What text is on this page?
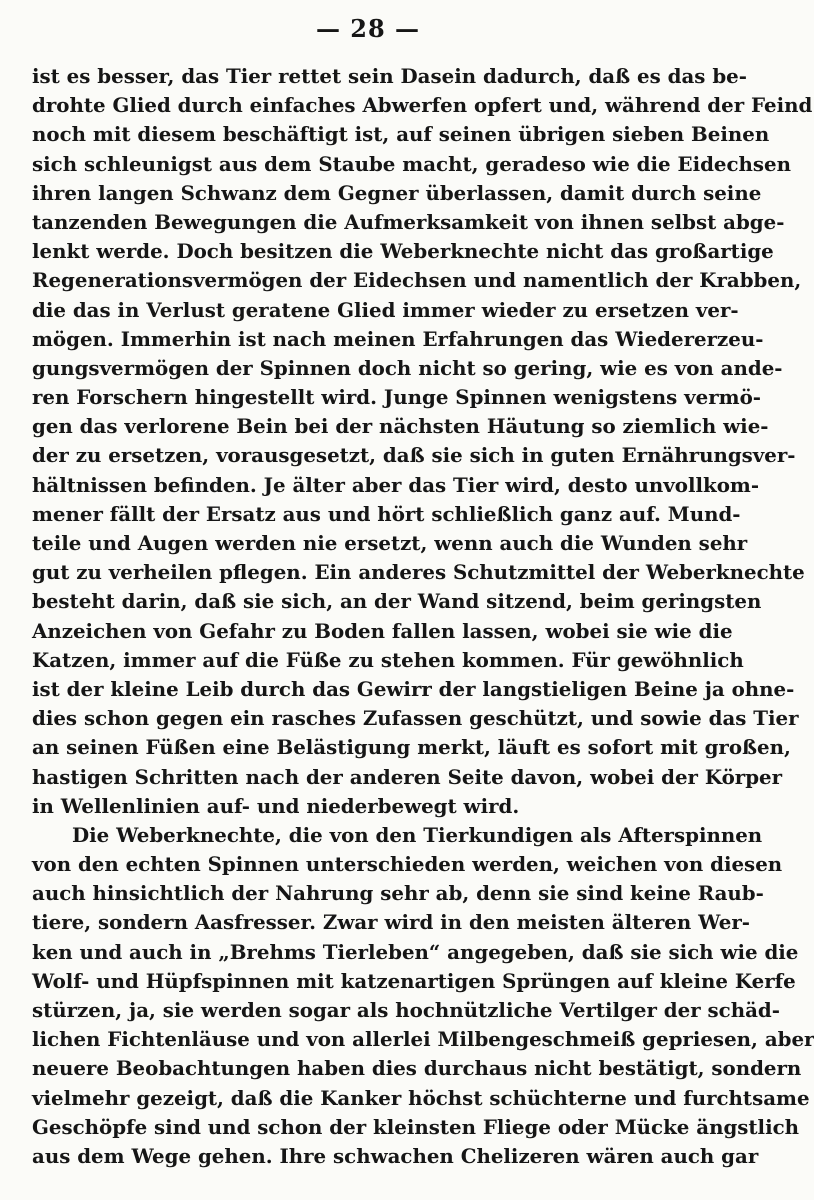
— 28 —
ist es besser, das Tier rettet sein Dasein dadurch, daß es das be-
drohte Glied durch einfaches Abwerfen opfert und, während der Feind
noch mit diesem beschäftigt ist, auf seinen übrigen sieben Beinen
sich schleunigst aus dem Staube macht, geradeso wie die Eidechsen
ihren langen Schwanz dem Gegner überlassen, damit durch seine
tanzenden Bewegungen die Aufmerksamkeit von ihnen selbst abge-
lenkt werde. Doch besitzen die Weberknechte nicht das großartige
Regenerationsvermögen der Eidechsen und namentlich der Krabben,
die das in Verlust geratene Glied immer wieder zu ersetzen ver-
mögen. Immerhin ist nach meinen Erfahrungen das Wiedererzeu-
gungsvermögen der Spinnen doch nicht so gering, wie es von ande-
ren Forschern hingestellt wird. Junge Spinnen wenigstens vermö-
gen das verlorene Bein bei der nächsten Häutung so ziemlich wie-
der zu ersetzen, vorausgesetzt, daß sie sich in guten Ernährungsver-
hältnissen befinden. Je älter aber das Tier wird, desto unvollkom-
mener fällt der Ersatz aus und hört schließlich ganz auf. Mund-
teile und Augen werden nie ersetzt, wenn auch die Wunden sehr
gut zu verheilen pflegen. Ein anderes Schutzmittel der Weberknechte
besteht darin, daß sie sich, an der Wand sitzend, beim geringsten
Anzeichen von Gefahr zu Boden fallen lassen, wobei sie wie die
Katzen, immer auf die Füße zu stehen kommen. Für gewöhnlich
ist der kleine Leib durch das Gewirr der langstieligen Beine ja ohne-
dies schon gegen ein rasches Zufassen geschützt, und sowie das Tier
an seinen Füßen eine Belästigung merkt, läuft es sofort mit großen,
hastigen Schritten nach der anderen Seite davon, wobei der Körper
in Wellenlinien auf- und niederbewegt wird.
Die Weberknechte, die von den Tierkundigen als Afterspinnen
von den echten Spinnen unterschieden werden, weichen von diesen
auch hinsichtlich der Nahrung sehr ab, denn sie sind keine Raub-
tiere, sondern Aasfresser. Zwar wird in den meisten älteren Wer-
ken und auch in „Brehms Tierleben“ angegeben, daß sie sich wie die
Wolf- und Hüpfspinnen mit katzenartigen Sprüngen auf kleine Kerfe
stürzen, ja, sie werden sogar als hochnützliche Vertilger der schäd-
lichen Fichtenläuse und von allerlei Milbengeschmeiß gepriesen, aber
neuere Beobachtungen haben dies durchaus nicht bestätigt, sondern
vielmehr gezeigt, daß die Kanker höchst schüchterne und furchtsame
Geschöpfe sind und schon der kleinsten Fliege oder Mücke ängstlich
aus dem Wege gehen. Ihre schwachen Chelizeren wären auch gar
